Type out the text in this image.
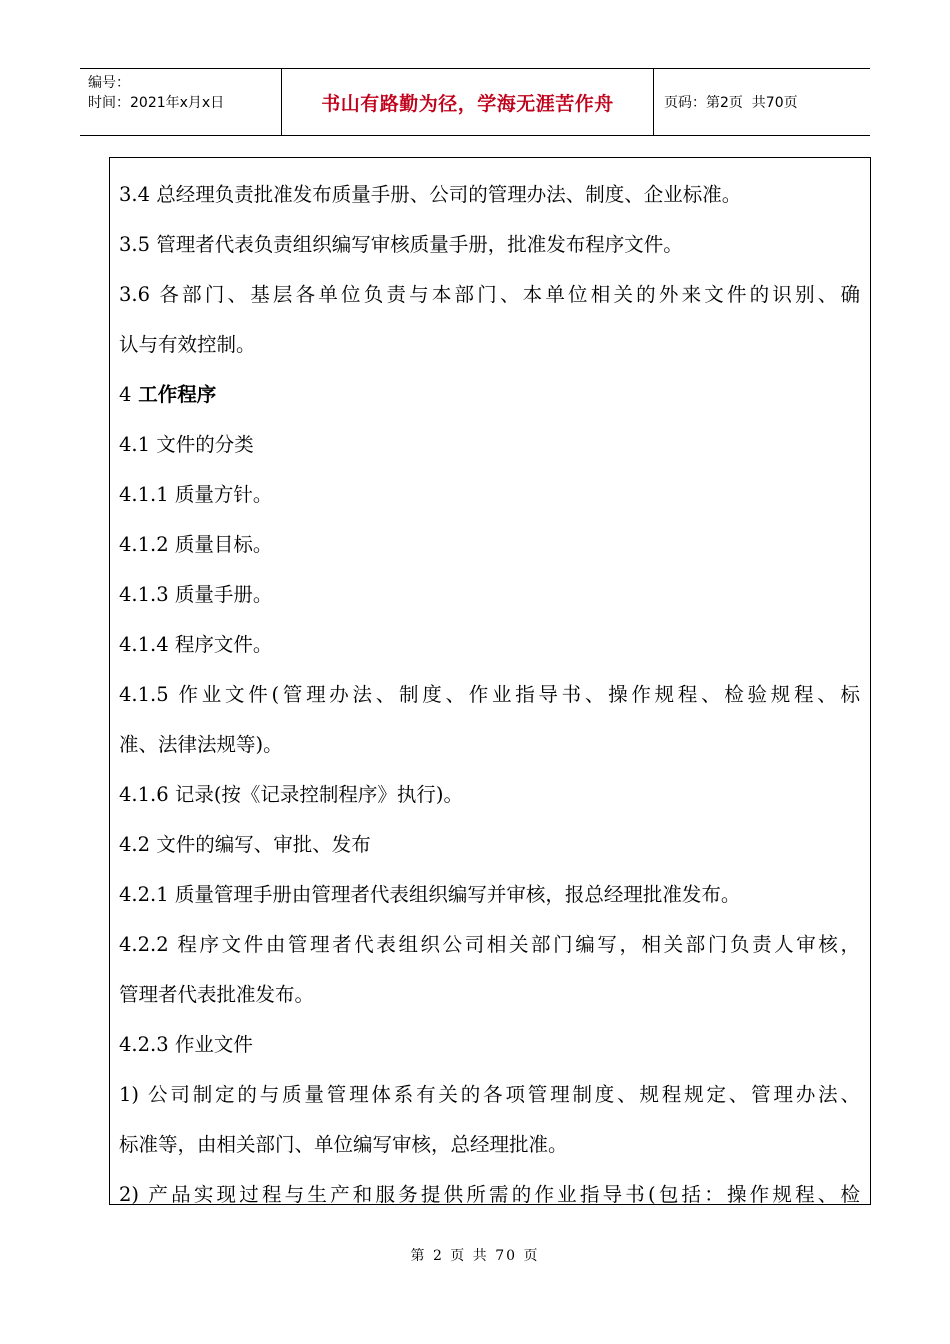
编号：
时间：2021年x月x日	书山有路勤为径，学海无涯苦作舟	页码：第2页  共70页
3.4 总经理负责批准发布质量手册、公司的管理办法、制度、企业标准。
3.5 管理者代表负责组织编写审核质量手册，批准发布程序文件。
3.6 各部门、基层各单位负责与本部门、本单位相关的外来文件的识别、确
认与有效控制。
4 工作程序
4.1 文件的分类
4.1.1 质量方针。
4.1.2 质量目标。
4.1.3 质量手册。
4.1.4 程序文件。
4.1.5 作业文件(管理办法、制度、作业指导书、操作规程、检验规程、标
准、法律法规等)。
4.1.6 记录(按《记录控制程序》执行)。
4.2 文件的编写、审批、发布
4.2.1 质量管理手册由管理者代表组织编写并审核，报总经理批准发布。
4.2.2 程序文件由管理者代表组织公司相关部门编写，相关部门负责人审核，
管理者代表批准发布。
4.2.3 作业文件
1) 公司制定的与质量管理体系有关的各项管理制度、规程规定、管理办法、
标准等，由相关部门、单位编写审核，总经理批准。
2) 产品实现过程与生产和服务提供所需的作业指导书(包括：操作规程、检
第 2 页 共 70 页
